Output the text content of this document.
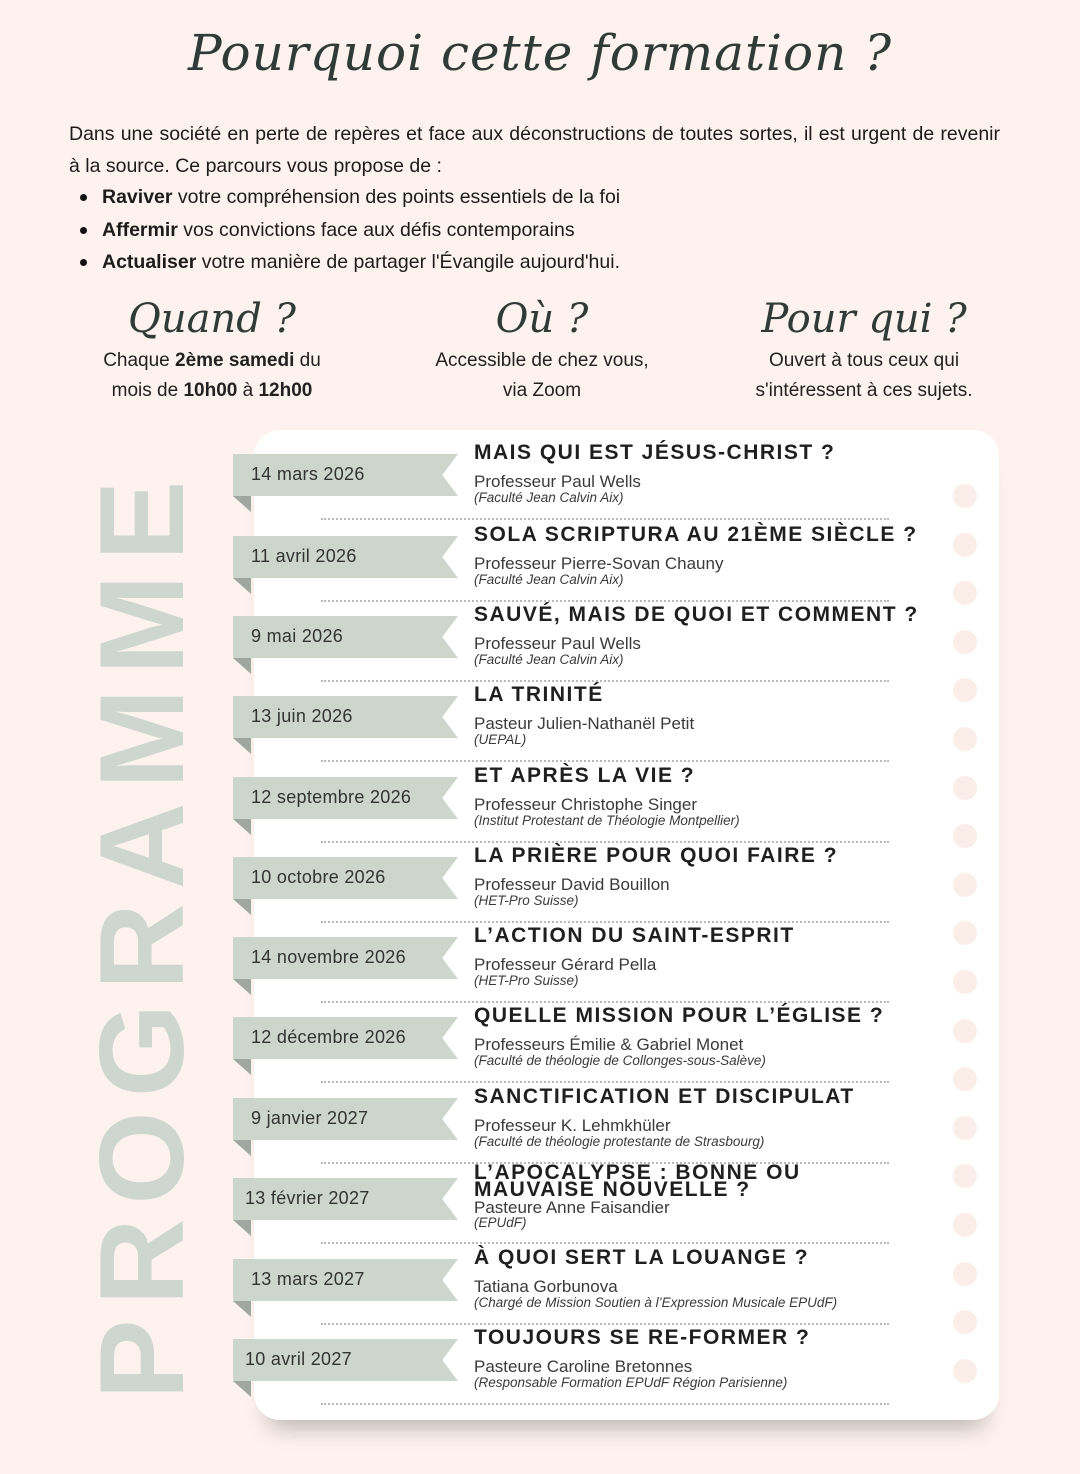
Pourquoi cette formation ?

Dans une société en perte de repères et face aux déconstructions de toutes sortes, il est urgent de revenir à la source. Ce parcours vous propose de :

Raviver votre compréhension des points essentiels de la foi
Affermir vos convictions face aux défis contemporains
Actualiser votre manière de partager l'Évangile aujourd'hui.
Quand ?

Chaque 2ème samedi du

mois de 10h00 à 12h00

Où ?

Accessible de chez vous,

via Zoom

Pour qui ?

Ouvert à tous ceux qui

s'intéressent à ces sujets.

PROGRAMME 14 mars 2026
MAIS QUI EST JÉSUS-CHRIST ?
Professeur Paul Wells
(Faculté Jean Calvin Aix)
11 avril 2026
SOLA SCRIPTURA AU 21ÈME SIÈCLE ?
Professeur Pierre-Sovan Chauny
(Faculté Jean Calvin Aix)
9 mai 2026
SAUVÉ, MAIS DE QUOI ET COMMENT ?
Professeur Paul Wells
(Faculté Jean Calvin Aix)
13 juin 2026
LA TRINITÉ
Pasteur Julien-Nathanël Petit
(UEPAL)
12 septembre 2026
ET APRÈS LA VIE ?
Professeur Christophe Singer
(Institut Protestant de Théologie Montpellier)
10 octobre 2026
LA PRIÈRE POUR QUOI FAIRE ?
Professeur David Bouillon
(HET-Pro Suisse)
14 novembre 2026
L’ACTION DU SAINT-ESPRIT
Professeur Gérard Pella
(HET-Pro Suisse)
12 décembre 2026
QUELLE MISSION POUR L’ÉGLISE ?
Professeurs Émilie & Gabriel Monet
(Faculté de théologie de Collonges-sous-Salève)
9 janvier 2027
SANCTIFICATION ET DISCIPULAT
Professeur K. Lehmkhüler
(Faculté de théologie protestante de Strasbourg)
13 février 2027
L’APOCALYPSE : BONNE OU MAUVAISE NOUVELLE ?
Pasteure Anne Faisandier
(EPUdF)
13 mars 2027
À QUOI SERT LA LOUANGE ?
Tatiana Gorbunova
(Chargé de Mission Soutien à l’Expression Musicale EPUdF)
10 avril 2027
TOUJOURS SE RE-FORMER ?
Pasteure Caroline Bretonnes
(Responsable Formation EPUdF Région Parisienne)
